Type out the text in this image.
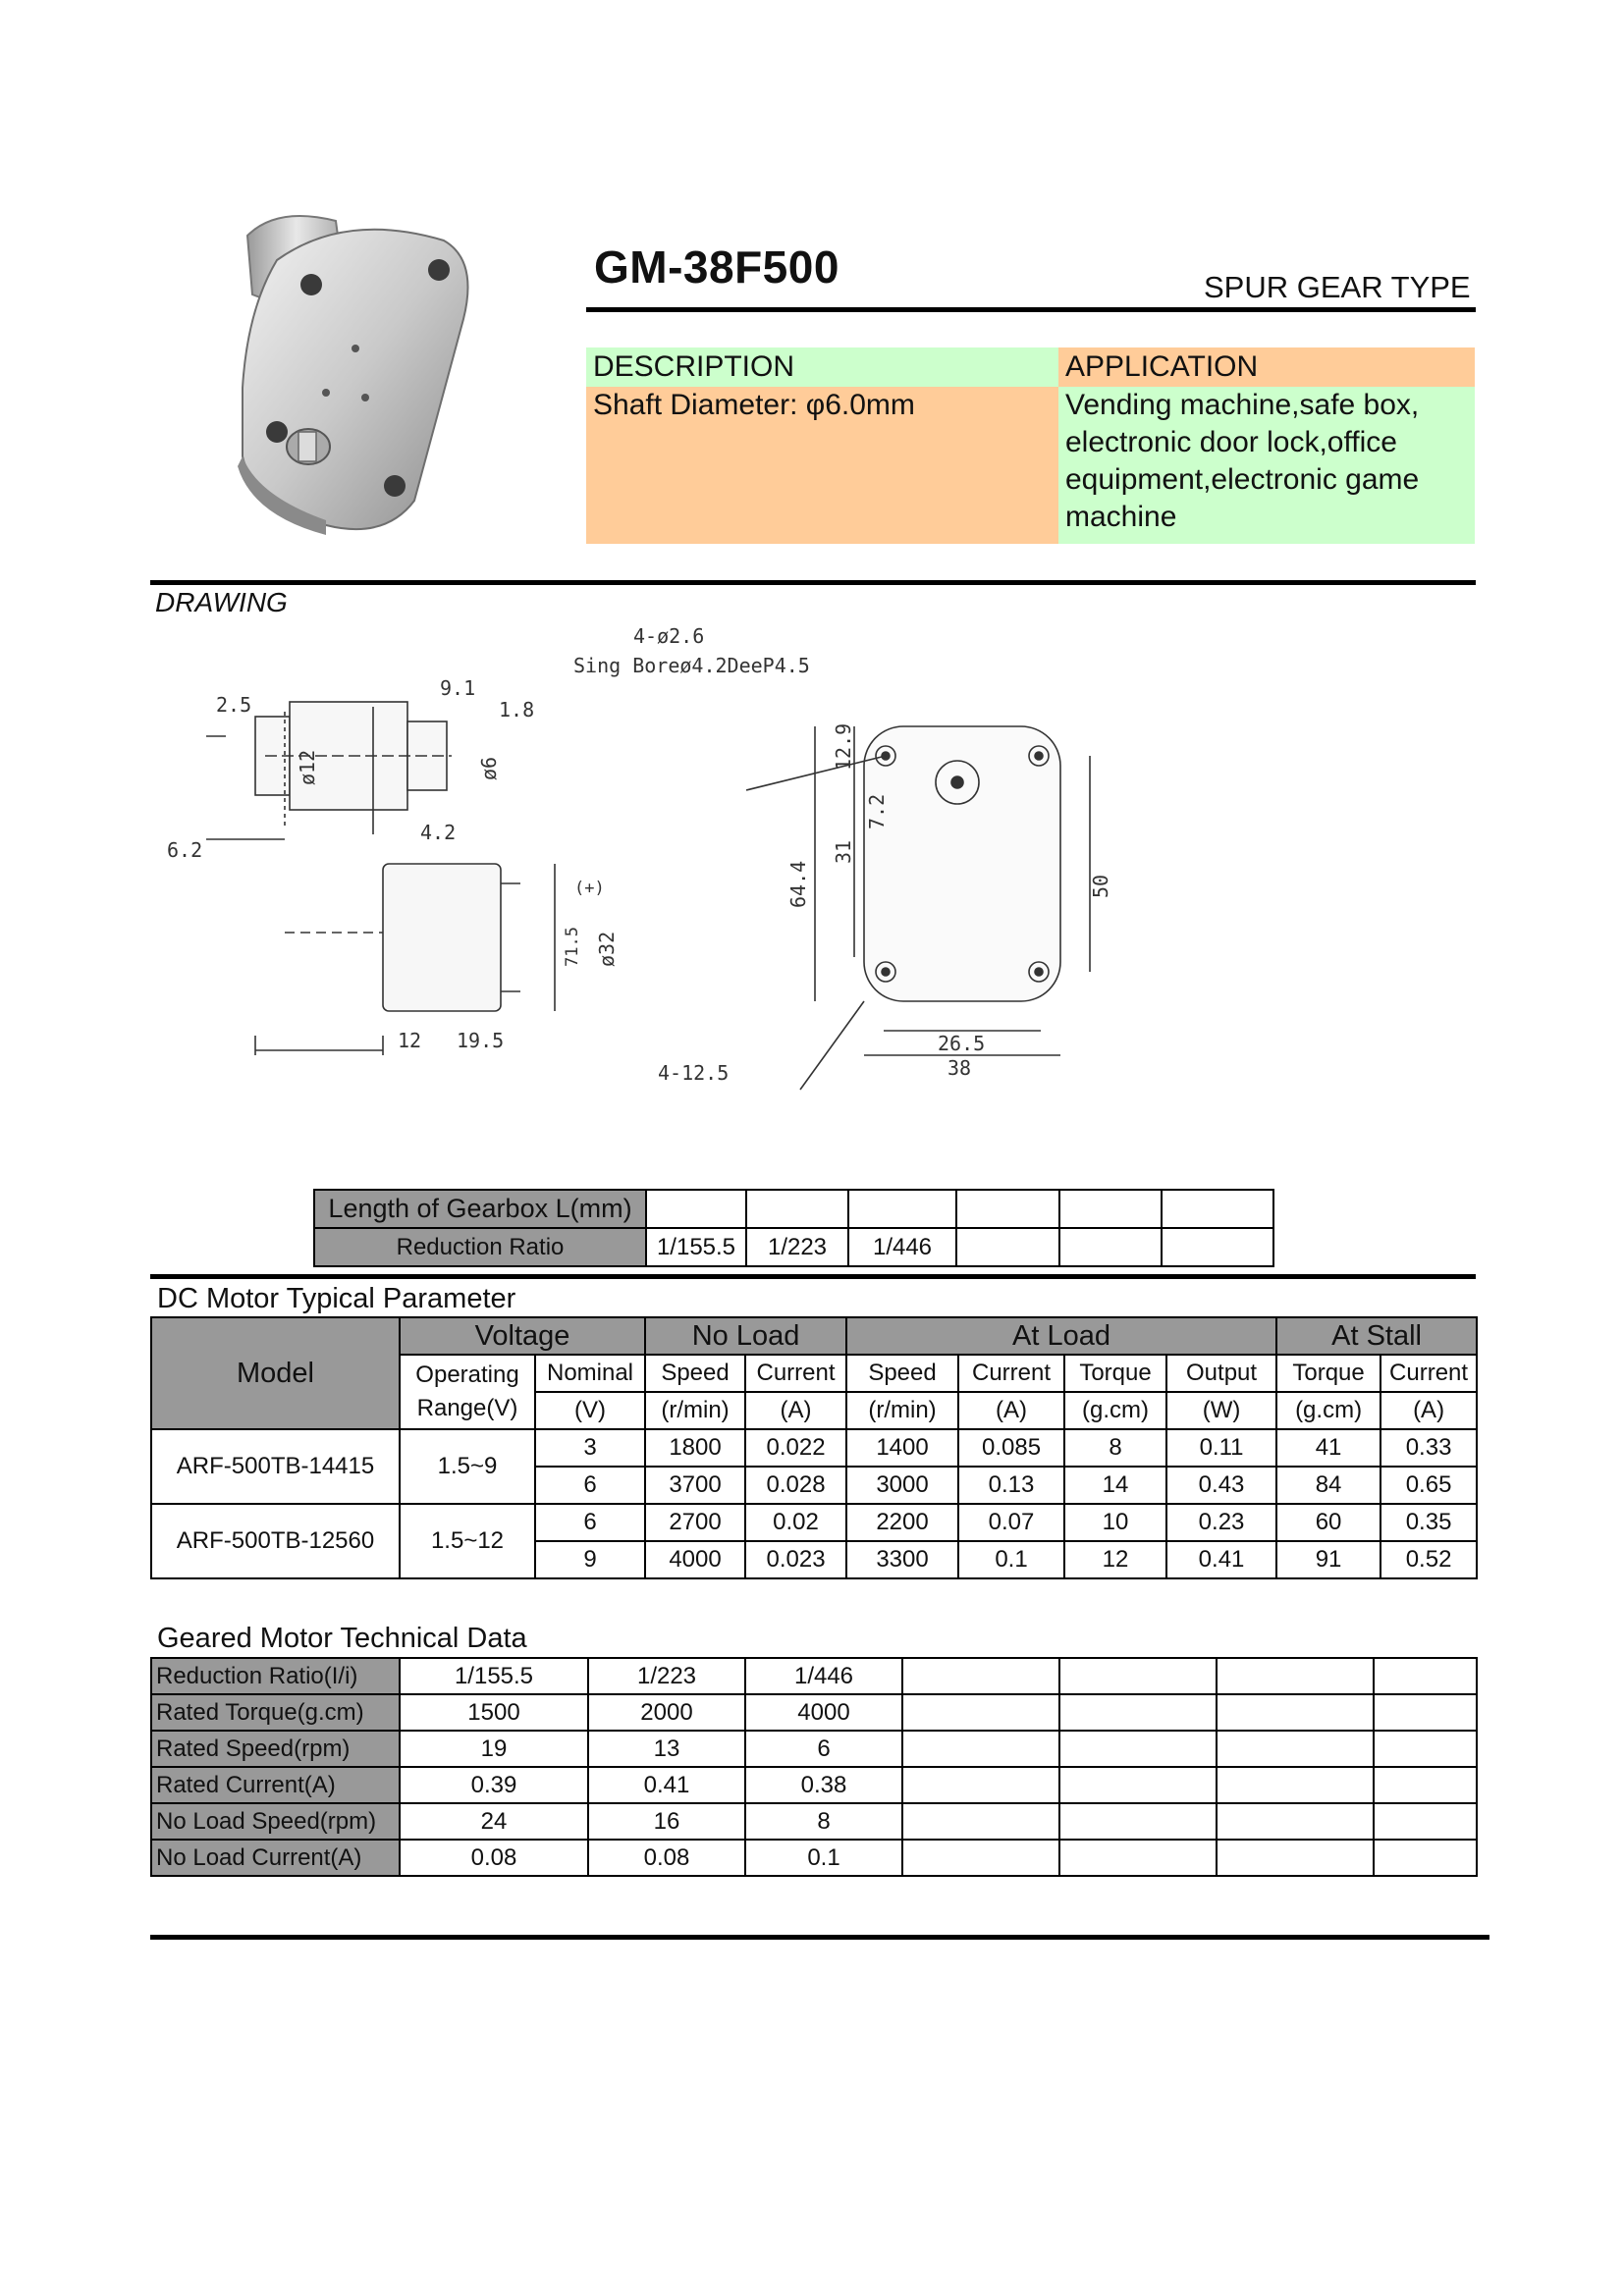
GM-38F500	SPUR GEAR TYPE
DESCRIPTION	APPLICATION
Shaft Diameter: φ6.0mm	Vending machine,safe box,
electronic door lock,office
equipment,electronic game
machine
DRAWING
2.5
9.1
1.8
6.2
4.2
12 19.5
ø12	ø6
ø32
(+)
71.5
4-ø2.6
Sing Boreø4.2DeeP4.5
12.9
7.2
31
64.4	50
26.5
38
4-12.5
Length of Gearbox L(mm)						
Reduction Ratio	1/155.5	1/223	1/446			
DC Motor Typical Parameter
Model	Voltage		No Load		At Load				At Stall	

	Operating
Range(V)	Nominal	Speed	Current	Speed	Current	Torque	Output	Torque	Current
		(V)	(r/min)	(A)	(r/min)	(A)	(g.cm)	(W)	(g.cm)	(A)
ARF-500TB-14415	1.5~9	3	1800	0.022	1400	0.085	8	0.11	41	0.33
		6	3700	0.028	3000	0.13	14	0.43	84	0.65
ARF-500TB-12560	1.5~12	6	2700	0.02	2200	0.07	10	0.23	60	0.35
		9	4000	0.023	3300	0.1	12	0.41	91	0.52
Geared Motor Technical Data
Reduction Ratio(I/i)	1/155.5	1/223	1/446				
Rated Torque(g.cm)	1500	2000	4000				
Rated Speed(rpm)	19	13	6				
Rated Current(A)	0.39	0.41	0.38				
No Load Speed(rpm)	24	16	8				
No Load Current(A)	0.08	0.08	0.1				
